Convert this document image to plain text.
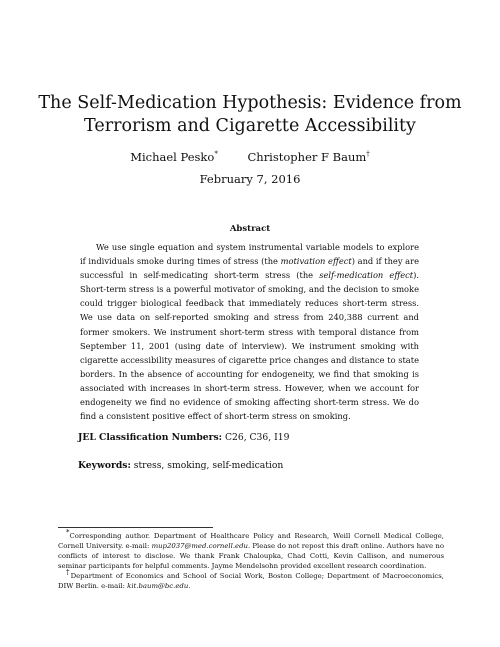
The Self-Medication Hypothesis: Evidence from
Terrorism and Cigarette Accessibility
Michael Pesko*	Christopher F Baum†
February 7, 2016
Abstract

We use single equation and system instrumental variable models to explore if individuals smoke during times of stress (the motivation effect) and if they are successful in self-medicating short-term stress (the self-medication effect). Short-term stress is a powerful motivator of smoking, and the decision to smoke could trigger biological feedback that immediately reduces short-term stress. We use data on self-reported smoking and stress from 240,388 current and former smokers. We instrument short-term stress with temporal distance from September 11, 2001 (using date of interview). We instrument smoking with cigarette accessibility measures of cigarette price changes and distance to state borders. In the absence of accounting for endogeneity, we find that smoking is associated with increases in short-term stress. However, when we account for endogeneity we find no evidence of smoking affecting short-term stress. We do find a consistent positive effect of short-term stress on smoking.

JEL Classification Numbers: C26, C36, I19
Keywords: stress, smoking, self-medication

*Corresponding author. Department of Healthcare Policy and Research, Weill Cornell Medical College, Cornell University. e-mail: mup2037@med.cornell.edu. Please do not repost this draft online. Authors have no conflicts of interest to disclose. We thank Frank Chaloupka, Chad Cotti, Kevin Callison, and numerous seminar participants for helpful comments. Jayme Mendelsohn provided excellent research coordination.

†Department of Economics and School of Social Work, Boston College; Department of Macroeconomics, DIW Berlin. e-mail: kit.baum@bc.edu.
